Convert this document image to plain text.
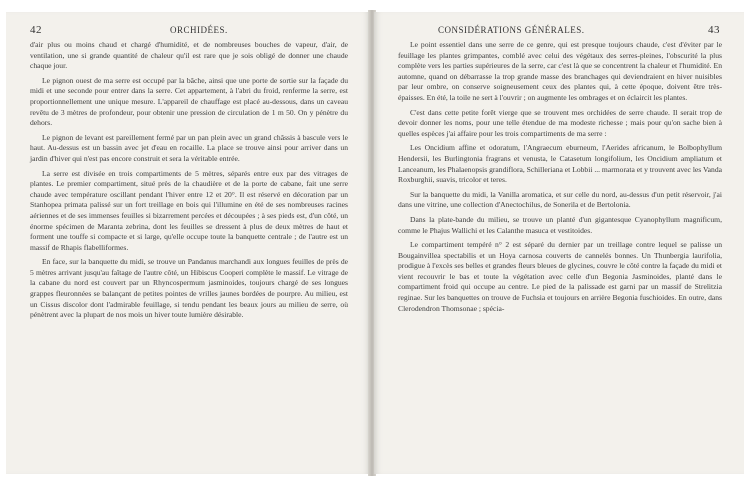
42	ORCHIDÉES.

d'air plus ou moins chaud et chargé d'humidité, et de nombreuses bouches de vapeur, d'air, de ventilation, une si grande quantité de chaleur qu'il est rare que je sois obligé de donner une chaude chaque jour.

Le pignon ouest de ma serre est occupé par la bâche, ainsi que une porte de sortie sur la façade du midi et une seconde pour entrer dans la serre. Cet appartement, à l'abri du froid, renferme la serre, est proportionnellement une unique mesure. L'appareil de chauffage est placé au-dessous, dans un caveau revêtu de 3 mètres de profondeur, pour obtenir une pression de circulation de 1 m 50. On y pénètre du dehors.

Le pignon de levant est pareillement fermé par un pan plein avec un grand châssis à bascule vers le haut. Au-dessus est un bassin avec jet d'eau en rocaille. La place se trouve ainsi pour arriver dans un jardin d'hiver qui n'est pas encore construit et sera la véritable entrée.

La serre est divisée en trois compartiments de 5 mètres, séparés entre eux par des vitrages de plantes. Le premier compartiment, situé près de la chaudière et de la porte de cabane, fait une serre chaude avec température oscillant pendant l'hiver entre 12 et 20°. Il est réservé en décoration par un Stanhopea primata palissé sur un fort treillage en bois qui l'illumine en été de ses nombreuses racines aériennes et de ses immenses feuilles si bizarrement percées et découpées ; à ses pieds est, d'un côté, un énorme spécimen de Maranta zebrina, dont les feuilles se dressent à plus de deux mètres de haut et forment une touffe si compacte et si large, qu'elle occupe toute la banquette centrale ; de l'autre est un massif de Rhapis flabelliformes.

En face, sur la banquette du midi, se trouve un Pandanus marchandi aux longues feuilles de près de 5 mètres arrivant jusqu'au faîtage de l'autre côté, un Hibiscus Cooperi complète le massif. Le vitrage de la cabane du nord est couvert par un Rhyncospermum jasminoides, toujours chargé de ses longues grappes fleuronnées se balançant de petites pointes de vrilles jaunes bordées de pourpre. Au milieu, est un Cissus discolor dont l'admirable feuillage, si tendu pendant les beaux jours au milieu de serre, où pénètrent avec la plupart de nos mois un hiver toute lumière désirable.

CONSIDÉRATIONS GÉNÉRALES.	43

Le point essentiel dans une serre de ce genre, qui est presque toujours chaude, c'est d'éviter par le feuillage les plantes grimpantes, comblé avec celui des végétaux des serres-pleines, l'obscurité la plus complète vers les parties supérieures de la serre, car c'est là que se concentrent la chaleur et l'humidité. En automne, quand on débarrasse la trop grande masse des branchages qui deviendraient en hiver nuisibles par leur ombre, on conserve soigneusement ceux des plantes qui, à cette époque, doivent être très-épaisses. En été, la toile ne sert à l'ouvrir ; on augmente les ombrages et on éclaircit les plantes.

C'est dans cette petite forêt vierge que se trouvent mes orchidées de serre chaude. Il serait trop de devoir donner les noms, pour une telle étendue de ma modeste richesse ; mais pour qu'on sache bien à quelles espèces j'ai affaire pour les trois compartiments de ma serre :

Les Oncidium affine et odoratum, l'Angraecum eburneum, l'Aerides africanum, le Bolbophyllum Hendersii, les Burlingtonia fragrans et venusta, le Catasetum longifolium, les Oncidium ampliatum et Lanceanum, les Phalaenopsis grandiflora, Schilleriana et Lobbii ... marmorata et y trouvent avec les Vanda Roxburghii, suavis, tricolor et teres.

Sur la banquette du midi, la Vanilla aromatica, et sur celle du nord, au-dessus d'un petit réservoir, j'ai dans une vitrine, une collection d'Anectochilus, de Sonerila et de Bertolonia.

Dans la plate-bande du milieu, se trouve un planté d'un gigantesque Cyanophyllum magnificum, comme le Phajus Wallichi et les Calanthe masuca et vestitoides.

Le compartiment tempéré n° 2 est séparé du dernier par un treillage contre lequel se palisse un Bougainvillea spectabilis et un Hoya carnosa couverts de cannelés bonnes. Un Thunbergia laurifolia, prodigue à l'excès ses belles et grandes fleurs bleues de glycines, couvre le côté contre la façade du midi et vient recouvrir le bas et toute la végétation avec celle d'un Begonia Jasminoides, planté dans le compartiment froid qui occupe au centre. Le pied de la palissade est garni par un massif de Strelitzia reginae. Sur les banquettes on trouve de Fuchsia et toujours en arrière Begonia fuschioides. En outre, dans Clerodendron Thomsonae ; spécia-
